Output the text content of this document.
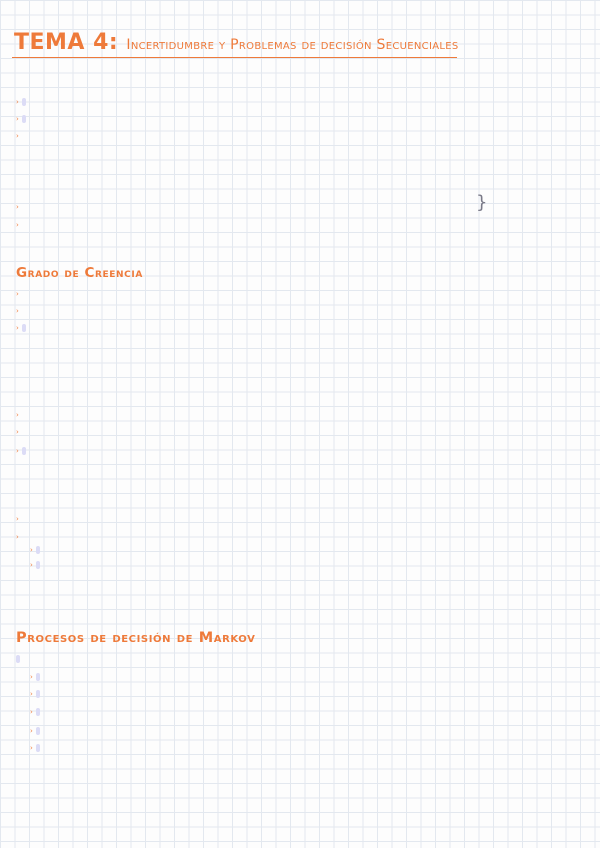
TEMA 4: Incertidumbre y Problemas de decisión Secuenciales
›
›
›
›	}
›
Grado de Creencia
›
›
›
›
›
›
›
›
›
›
Procesos de decisión de Markov
›
›
›
›
›
